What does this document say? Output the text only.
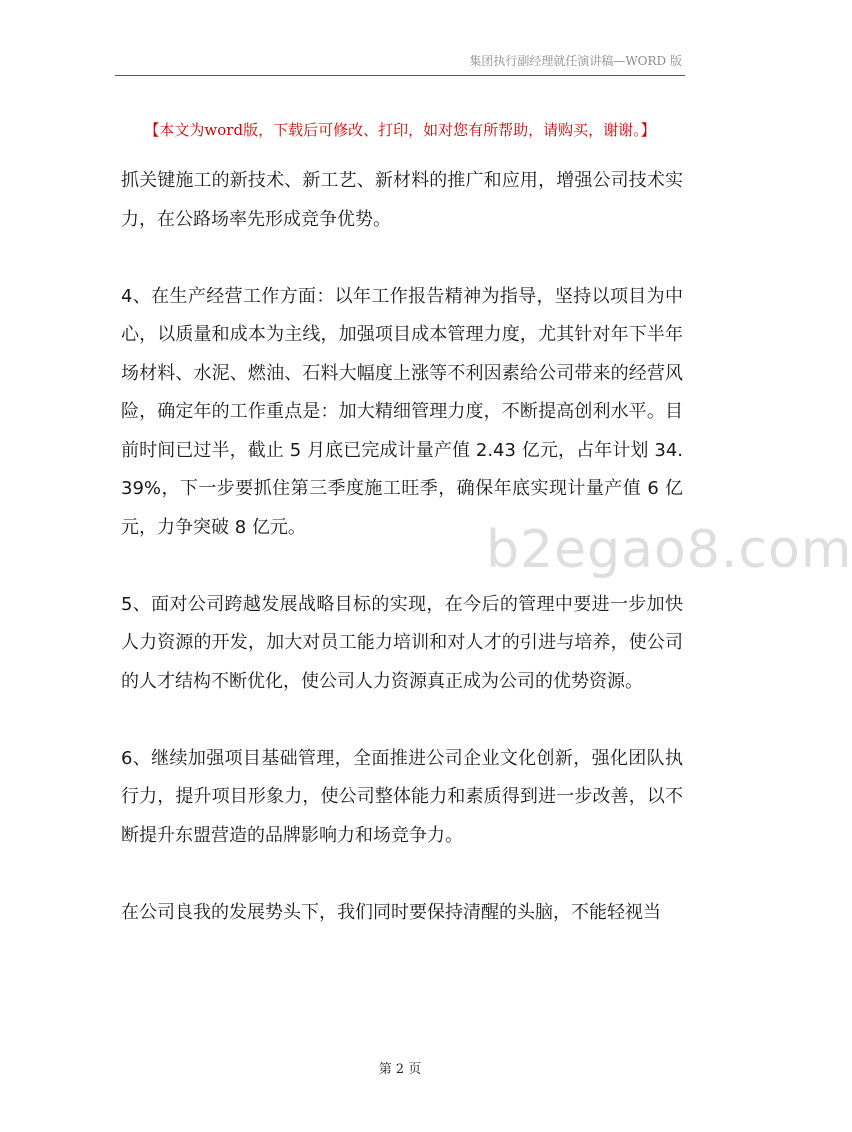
集团执行副经理就任演讲稿—WORD 版
【本文为word版，下载后可修改、打印，如对您有所帮助，请购买，谢谢。】

抓关键施工的新技术、新工艺、新材料的推广和应用，增强公司技术实力，在公路场率先形成竞争优势。

4、在生产经营工作方面：以年工作报告精神为指导，坚持以项目为中心，以质量和成本为主线，加强项目成本管理力度，尤其针对年下半年场材料、水泥、燃油、石料大幅度上涨等不利因素给公司带来的经营风险，确定年的工作重点是：加大精细管理力度，不断提高创利水平。目前时间已过半，截止 5 月底已完成计量产值 2.43 亿元，占年计划 34.39%，下一步要抓住第三季度施工旺季，确保年底实现计量产值 6 亿元，力争突破 8 亿元。

5、面对公司跨越发展战略目标的实现，在今后的管理中要进一步加快人力资源的开发，加大对员工能力培训和对人才的引进与培养，使公司的人才结构不断优化，使公司人力资源真正成为公司的优势资源。

6、继续加强项目基础管理，全面推进公司企业文化创新，强化团队执行力，提升项目形象力，使公司整体能力和素质得到进一步改善，以不断提升东盟营造的品牌影响力和场竞争力。

在公司良我的发展势头下，我们同时要保持清醒的头脑，不能轻视当

b2egao8.com
第 2 页
